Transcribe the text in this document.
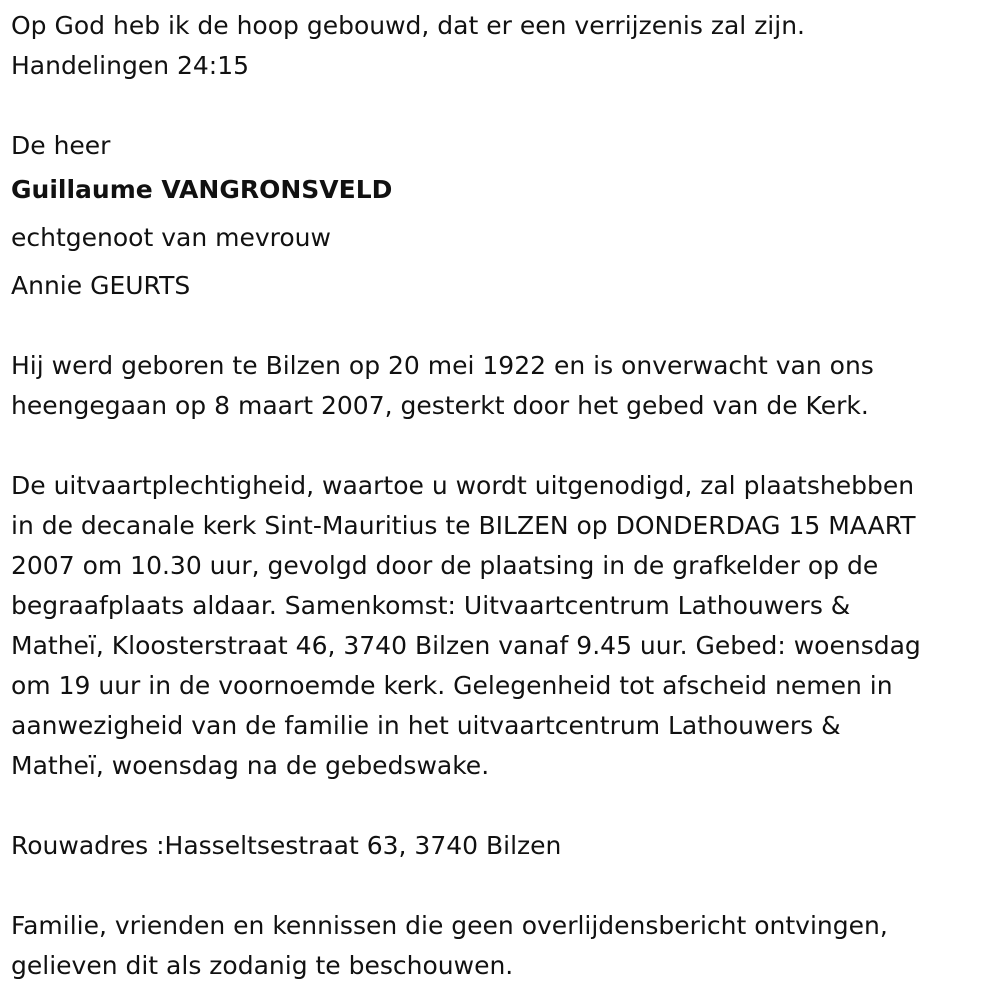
Op God heb ik de hoop gebouwd, dat er een verrijzenis zal zijn.
Handelingen 24:15
De heer
Guillaume VANGRONSVELD
echtgenoot van mevrouw
Annie GEURTS
Hij werd geboren te Bilzen op 20 mei 1922 en is onverwacht van ons
heengegaan op 8 maart 2007, gesterkt door het gebed van de Kerk.
De uitvaartplechtigheid, waartoe u wordt uitgenodigd, zal plaatshebben
in de decanale kerk Sint-Mauritius te BILZEN op DONDERDAG 15 MAART
2007 om 10.30 uur, gevolgd door de plaatsing in de grafkelder op de
begraafplaats aldaar. Samenkomst: Uitvaartcentrum Lathouwers &
Matheï, Kloosterstraat 46, 3740 Bilzen vanaf 9.45 uur. Gebed: woensdag
om 19 uur in de voornoemde kerk. Gelegenheid tot afscheid nemen in
aanwezigheid van de familie in het uitvaartcentrum Lathouwers &
Matheï, woensdag na de gebedswake.
Rouwadres :Hasseltsestraat 63, 3740 Bilzen
Familie, vrienden en kennissen die geen overlijdensbericht ontvingen,
gelieven dit als zodanig te beschouwen.
